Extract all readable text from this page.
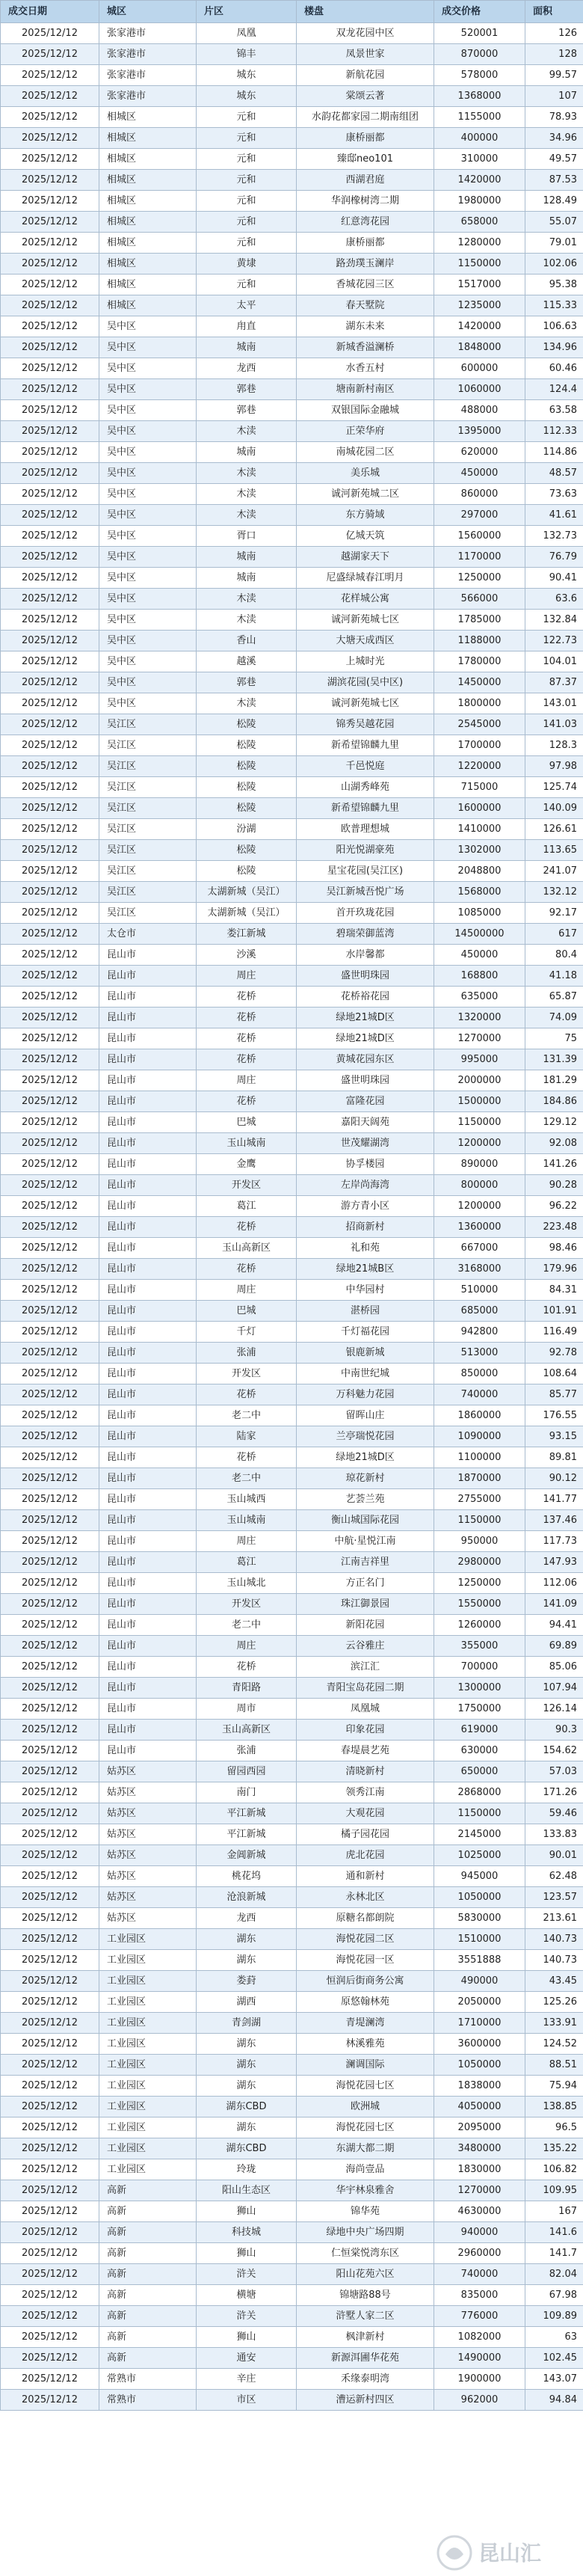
成交日期	城区	片区	楼盘	成交价格	面积
2025/12/12	张家港市	凤凰	双龙花园中区	520001	126
2025/12/12	张家港市	锦丰	凤景世家	870000	128
2025/12/12	张家港市	城东	新航花园	578000	99.57
2025/12/12	张家港市	城东	棠颂云著	1368000	107
2025/12/12	相城区	元和	水韵花都家园二期南组团	1155000	78.93
2025/12/12	相城区	元和	康桥丽都	400000	34.96
2025/12/12	相城区	元和	臻邸neo101	310000	49.57
2025/12/12	相城区	元和	西湖君庭	1420000	87.53
2025/12/12	相城区	元和	华润橡树湾二期	1980000	128.49
2025/12/12	相城区	元和	红意湾花园	658000	55.07
2025/12/12	相城区	元和	康桥丽都	1280000	79.01
2025/12/12	相城区	黄埭	路劲璞玉澜岸	1150000	102.06
2025/12/12	相城区	元和	香城花园三区	1517000	95.38
2025/12/12	相城区	太平	春天墅院	1235000	115.33
2025/12/12	吴中区	甪直	湖东未来	1420000	106.63
2025/12/12	吴中区	城南	新城香溢澜桥	1848000	134.96
2025/12/12	吴中区	龙西	水香五村	600000	60.46
2025/12/12	吴中区	郭巷	塘南新村南区	1060000	124.4
2025/12/12	吴中区	郭巷	双银国际金融城	488000	63.58
2025/12/12	吴中区	木渎	正荣华府	1395000	112.33
2025/12/12	吴中区	城南	南城花园二区	620000	114.86
2025/12/12	吴中区	木渎	美乐城	450000	48.57
2025/12/12	吴中区	木渎	诚河新苑城二区	860000	73.63
2025/12/12	吴中区	木渎	东方骑域	297000	41.61
2025/12/12	吴中区	胥口	亿城天筑	1560000	132.73
2025/12/12	吴中区	城南	越湖家天下	1170000	76.79
2025/12/12	吴中区	城南	尼盛绿城春江明月	1250000	90.41
2025/12/12	吴中区	木渎	花样城公寓	566000	63.6
2025/12/12	吴中区	木渎	诚河新苑城七区	1785000	132.84
2025/12/12	吴中区	香山	大塘天成西区	1188000	122.73
2025/12/12	吴中区	越溪	上城时光	1780000	104.01
2025/12/12	吴中区	郭巷	湖滨花园(吴中区)	1450000	87.37
2025/12/12	吴中区	木渎	诚河新苑城七区	1800000	143.01
2025/12/12	吴江区	松陵	锦秀吴越花园	2545000	141.03
2025/12/12	吴江区	松陵	新希望锦麟九里	1700000	128.3
2025/12/12	吴江区	松陵	千邑悦庭	1220000	97.98
2025/12/12	吴江区	松陵	山湖秀峰苑	715000	125.74
2025/12/12	吴江区	松陵	新希望锦麟九里	1600000	140.09
2025/12/12	吴江区	汾湖	欧普理想城	1410000	126.61
2025/12/12	吴江区	松陵	阳光悦湖豪苑	1302000	113.65
2025/12/12	吴江区	松陵	星宝花园(吴江区)	2048800	241.07
2025/12/12	吴江区	太湖新城（吴江）	吴江新城吾悦广场	1568000	132.12
2025/12/12	吴江区	太湖新城（吴江）	首开玖珑花园	1085000	92.17
2025/12/12	太仓市	娄江新城	碧瑞荣御蓝湾	14500000	617
2025/12/12	昆山市	沙溪	水岸馨都	450000	80.4
2025/12/12	昆山市	周庄	盛世明珠园	168800	41.18
2025/12/12	昆山市	花桥	花桥裕花园	635000	65.87
2025/12/12	昆山市	花桥	绿地21城D区	1320000	74.09
2025/12/12	昆山市	花桥	绿地21城D区	1270000	75
2025/12/12	昆山市	花桥	黄城花园东区	995000	131.39
2025/12/12	昆山市	周庄	盛世明珠园	2000000	181.29
2025/12/12	昆山市	花桥	富隆花园	1500000	184.86
2025/12/12	昆山市	巴城	嘉阳天阔苑	1150000	129.12
2025/12/12	昆山市	玉山城南	世茂耀湖湾	1200000	92.08
2025/12/12	昆山市	金鹰	协孚楼园	890000	141.26
2025/12/12	昆山市	开发区	左岸尚海湾	800000	90.28
2025/12/12	昆山市	葛江	游方青小区	1200000	96.22
2025/12/12	昆山市	花桥	招商新村	1360000	223.48
2025/12/12	昆山市	玉山高新区	礼和苑	667000	98.46
2025/12/12	昆山市	花桥	绿地21城B区	3168000	179.96
2025/12/12	昆山市	周庄	中华园村	510000	84.31
2025/12/12	昆山市	巴城	湛桥园	685000	101.91
2025/12/12	昆山市	千灯	千灯福花园	942800	116.49
2025/12/12	昆山市	张浦	银鹿新城	513000	92.78
2025/12/12	昆山市	开发区	中南世纪城	850000	108.64
2025/12/12	昆山市	花桥	万科魅力花园	740000	85.77
2025/12/12	昆山市	老二中	留晖山庄	1860000	176.55
2025/12/12	昆山市	陆家	兰亭瑞悦花园	1090000	93.15
2025/12/12	昆山市	花桥	绿地21城D区	1100000	89.81
2025/12/12	昆山市	老二中	琼花新村	1870000	90.12
2025/12/12	昆山市	玉山城西	艺荟兰苑	2755000	141.77
2025/12/12	昆山市	玉山城南	衡山城国际花园	1150000	137.46
2025/12/12	昆山市	周庄	中航·星悦江南	950000	117.73
2025/12/12	昆山市	葛江	江南吉祥里	2980000	147.93
2025/12/12	昆山市	玉山城北	方正名门	1250000	112.06
2025/12/12	昆山市	开发区	珠江御景园	1550000	141.09
2025/12/12	昆山市	老二中	新阳花园	1260000	94.41
2025/12/12	昆山市	周庄	云谷雅庄	355000	69.89
2025/12/12	昆山市	花桥	滨江汇	700000	85.06
2025/12/12	昆山市	青阳路	青阳宝岛花园二期	1300000	107.94
2025/12/12	昆山市	周市	凤凰城	1750000	126.14
2025/12/12	昆山市	玉山高新区	印象花园	619000	90.3
2025/12/12	昆山市	张浦	春堤晨艺苑	630000	154.62
2025/12/12	姑苏区	留园西园	清晓新村	650000	57.03
2025/12/12	姑苏区	南门	领秀江南	2868000	171.26
2025/12/12	姑苏区	平江新城	大观花园	1150000	59.46
2025/12/12	姑苏区	平江新城	橘子园花园	2145000	133.83
2025/12/12	姑苏区	金阊新城	虎北花园	1025000	90.01
2025/12/12	姑苏区	桃花坞	通和新村	945000	62.48
2025/12/12	姑苏区	沧浪新城	永林北区	1050000	123.57
2025/12/12	姑苏区	龙西	原糖名都朗院	5830000	213.61
2025/12/12	工业园区	湖东	海悦花园二区	1510000	140.73
2025/12/12	工业园区	湖东	海悦花园一区	3551888	140.73
2025/12/12	工业园区	娄葑	恒润后街商务公寓	490000	43.45
2025/12/12	工业园区	湖西	原悠翰林苑	2050000	125.26
2025/12/12	工业园区	青剑湖	青堤澜湾	1710000	133.91
2025/12/12	工业园区	湖东	林溪雅苑	3600000	124.52
2025/12/12	工业园区	湖东	澜调国际	1050000	88.51
2025/12/12	工业园区	湖东	海悦花园七区	1838000	75.94
2025/12/12	工业园区	湖东CBD	欧洲城	4050000	138.85
2025/12/12	工业园区	湖东	海悦花园七区	2095000	96.5
2025/12/12	工业园区	湖东CBD	东湖大都二期	3480000	135.22
2025/12/12	工业园区	玲珑	海尚壹品	1830000	106.82
2025/12/12	高新	阳山生态区	华宇林泉雅舍	1270000	109.95
2025/12/12	高新	狮山	锦华苑	4630000	167
2025/12/12	高新	科技城	绿地中央广场四期	940000	141.6
2025/12/12	高新	狮山	仁恒棠悦湾东区	2960000	141.7
2025/12/12	高新	浒关	阳山花苑六区	740000	82.04
2025/12/12	高新	横塘	锦塘路88号	835000	67.98
2025/12/12	高新	浒关	浒墅人家二区	776000	109.89
2025/12/12	高新	狮山	枫津新村	1082000	63
2025/12/12	高新	通安	新源洱圃华花苑	1490000	102.45
2025/12/12	常熟市	辛庄	禾缘泰明湾	1900000	143.07
2025/12/12	常熟市	市区	漕运新村四区	962000	94.84
昆山汇
